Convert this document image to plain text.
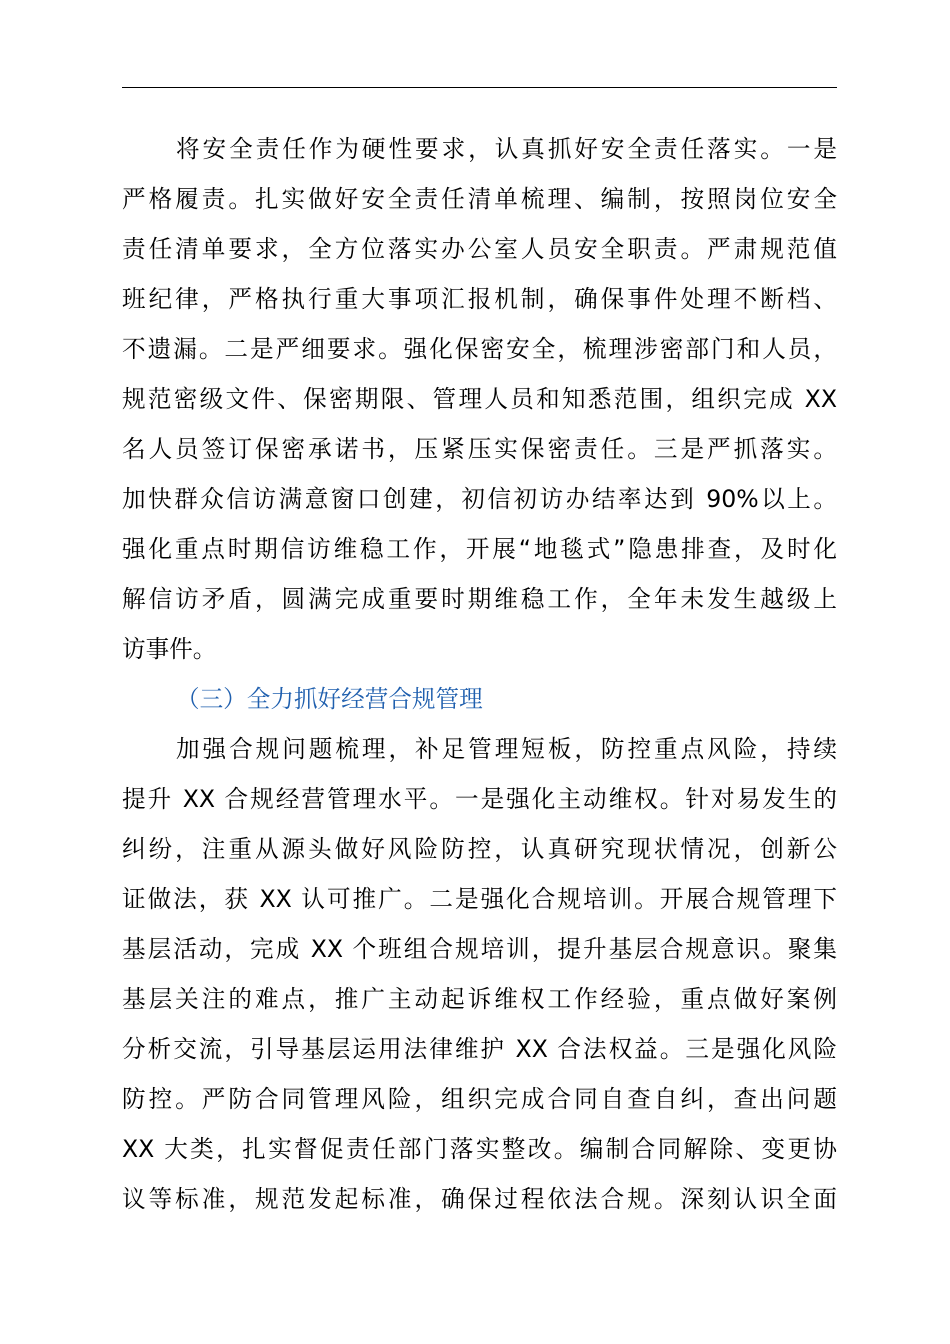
将安全责任作为硬性要求，认真抓好安全责任落实。一是
严格履责。扎实做好安全责任清单梳理、编制，按照岗位安全
责任清单要求，全方位落实办公室人员安全职责。严肃规范值
班纪律，严格执行重大事项汇报机制，确保事件处理不断档、
不遗漏。二是严细要求。强化保密安全，梳理涉密部门和人员，
规范密级文件、保密期限、管理人员和知悉范围，组织完成 XX
名人员签订保密承诺书，压紧压实保密责任。三是严抓落实。
加快群众信访满意窗口创建，初信初访办结率达到 90%以上。
强化重点时期信访维稳工作，开展“地毯式”隐患排查，及时化
解信访矛盾，圆满完成重要时期维稳工作，全年未发生越级上
访事件。
（三）全力抓好经营合规管理
加强合规问题梳理，补足管理短板，防控重点风险，持续
提升 XX 合规经营管理水平。一是强化主动维权。针对易发生的
纠纷，注重从源头做好风险防控，认真研究现状情况，创新公
证做法，获 XX 认可推广。二是强化合规培训。开展合规管理下
基层活动，完成 XX 个班组合规培训，提升基层合规意识。聚集
基层关注的难点，推广主动起诉维权工作经验，重点做好案例
分析交流，引导基层运用法律维护 XX 合法权益。三是强化风险
防控。严防合同管理风险，组织完成合同自查自纠，查出问题
XX 大类，扎实督促责任部门落实整改。编制合同解除、变更协
议等标准，规范发起标准，确保过程依法合规。深刻认识全面
